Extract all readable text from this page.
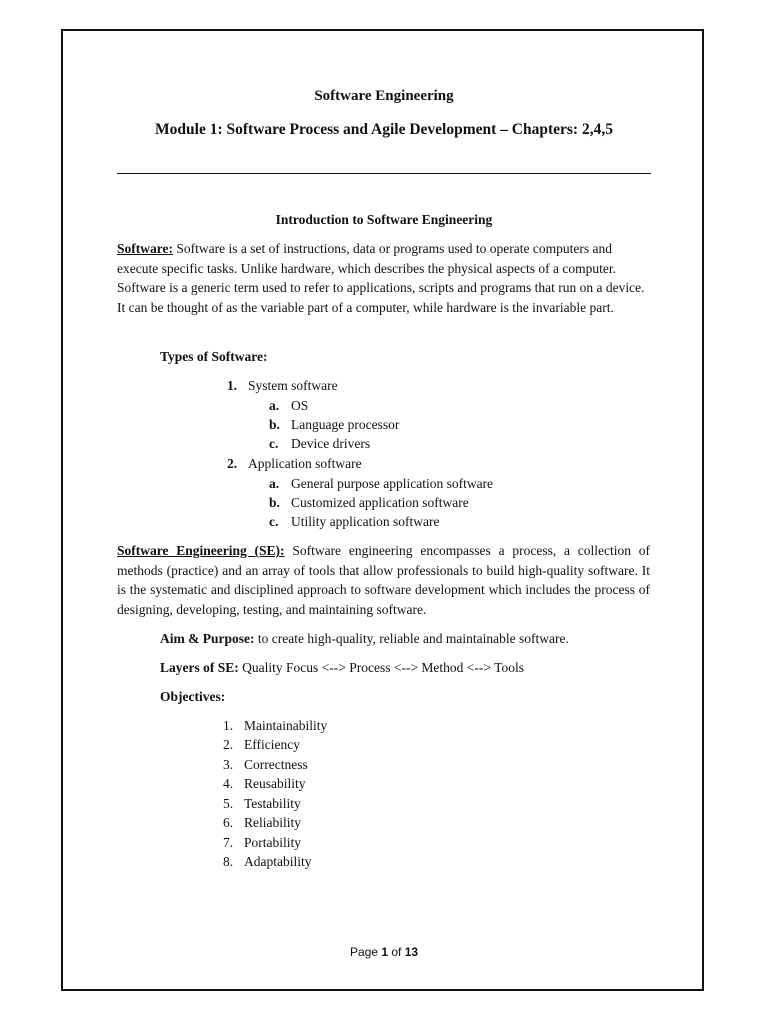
Software Engineering
Module 1: Software Process and Agile Development – Chapters: 2,4,5
Introduction to Software Engineering
Software: Software is a set of instructions, data or programs used to operate computers and execute specific tasks. Unlike hardware, which describes the physical aspects of a computer. Software is a generic term used to refer to applications, scripts and programs that run on a device. It can be thought of as the variable part of a computer, while hardware is the invariable part.
Types of Software:
1. System software
a. OS
b. Language processor
c. Device drivers
2. Application software
a. General purpose application software
b. Customized application software
c. Utility application software
Software Engineering (SE): Software engineering encompasses a process, a collection of methods (practice) and an array of tools that allow professionals to build high-quality software. It is the systematic and disciplined approach to software development which includes the process of designing, developing, testing, and maintaining software.
Aim & Purpose: to create high-quality, reliable and maintainable software.
Layers of SE: Quality Focus <--> Process <--> Method <--> Tools
Objectives:
1. Maintainability
2. Efficiency
3. Correctness
4. Reusability
5. Testability
6. Reliability
7. Portability
8. Adaptability
Page 1 of 13
